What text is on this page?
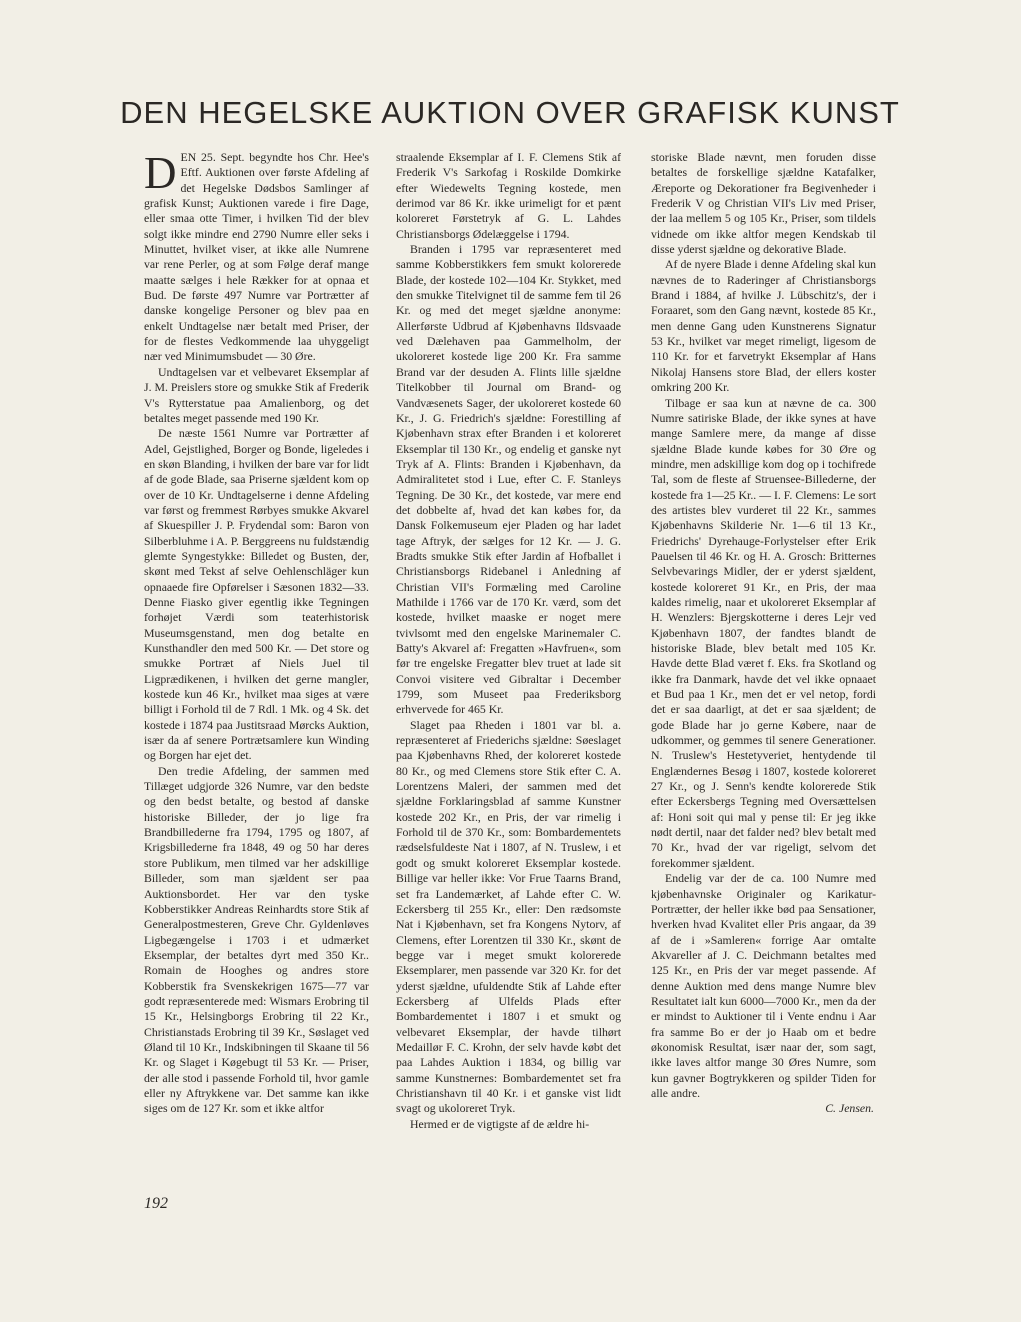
DEN HEGELSKE AUKTION OVER GRAFISK KUNST

DEN 25. Sept. begyndte hos Chr. Hee's Eftf. Auktionen over første Afdeling af det Hegelske Dødsbos Samlinger af grafisk Kunst; Auktionen varede i fire Dage, eller smaa otte Timer, i hvilken Tid der blev solgt ikke mindre end 2790 Numre eller seks i Minuttet, hvilket viser, at ikke alle Numrene var rene Perler, og at som Følge deraf mange maatte sælges i hele Rækker for at opnaa et Bud. De første 497 Numre var Portrætter af danske kongelige Personer og blev paa en enkelt Undtagelse nær betalt med Priser, der for de flestes Vedkommende laa uhyggeligt nær ved Minimumsbudet — 30 Øre.

Undtagelsen var et velbevaret Eksemplar af J. M. Preislers store og smukke Stik af Frederik V's Rytterstatue paa Amalienborg, og det betaltes meget passende med 190 Kr.

De næste 1561 Numre var Portrætter af Adel, Gejstlighed, Borger og Bonde, ligeledes i en skøn Blanding, i hvilken der bare var for lidt af de gode Blade, saa Priserne sjældent kom op over de 10 Kr. Undtagelserne i denne Afdeling var først og fremmest Rørbyes smukke Akvarel af Skuespiller J. P. Frydendal som: Baron von Silberbluhme i A. P. Berggreens nu fuldstændig glemte Syngestykke: Billedet og Busten, der, skønt med Tekst af selve Oehlenschläger kun opnaaede fire Opførelser i Sæsonen 1832—33. Denne Fiasko giver egentlig ikke Tegningen forhøjet Værdi som teaterhistorisk Museumsgenstand, men dog betalte en Kunsthandler den med 500 Kr. — Det store og smukke Portræt af Niels Juel til Ligprædikenen, i hvilken det gerne mangler, kostede kun 46 Kr., hvilket maa siges at være billigt i Forhold til de 7 Rdl. 1 Mk. og 4 Sk. det kostede i 1874 paa Justitsraad Mørcks Auktion, især da af senere Portrætsamlere kun Winding og Borgen har ejet det.

Den tredie Afdeling, der sammen med Tillæget udgjorde 326 Numre, var den bedste og den bedst betalte, og bestod af danske historiske Billeder, der jo lige fra Brandbillederne fra 1794, 1795 og 1807, af Krigsbillederne fra 1848, 49 og 50 har deres store Publikum, men tilmed var her adskillige Billeder, som man sjældent ser paa Auktionsbordet. Her var den tyske Kobberstikker Andreas Reinhardts store Stik af Generalpostmesteren, Greve Chr. Gyldenløves Ligbegængelse i 1703 i et udmærket Eksemplar, der betaltes dyrt med 350 Kr.. Romain de Hooghes og andres store Kobberstik fra Svenskekrigen 1675—77 var godt repræsenterede med: Wismars Erobring til 15 Kr., Helsingborgs Erobring til 22 Kr., Christianstads Erobring til 39 Kr., Søslaget ved Øland til 10 Kr., Indskibningen til Skaane til 56 Kr. og Slaget i Køgebugt til 53 Kr. — Priser, der alle stod i passende Forhold til, hvor gamle eller ny Aftrykkene var. Det samme kan ikke siges om de 127 Kr. som et ikke altfor

straalende Eksemplar af I. F. Clemens Stik af Frederik V's Sarkofag i Roskilde Domkirke efter Wiedewelts Tegning kostede, men derimod var 86 Kr. ikke urimeligt for et pænt koloreret Førstetryk af G. L. Lahdes Christiansborgs Ødelæggelse i 1794.

Branden i 1795 var repræsenteret med samme Kobberstikkers fem smukt kolorerede Blade, der kostede 102—104 Kr. Stykket, med den smukke Titelvignet til de samme fem til 26 Kr. og med det meget sjældne anonyme: Allerførste Udbrud af Kjøbenhavns Ildsvaade ved Dælehaven paa Gammelholm, der ukoloreret kostede lige 200 Kr. Fra samme Brand var der desuden A. Flints lille sjældne Titelkobber til Journal om Brand- og Vandvæsenets Sager, der ukoloreret kostede 60 Kr., J. G. Friedrich's sjældne: Forestilling af Kjøbenhavn strax efter Branden i et koloreret Eksemplar til 130 Kr., og endelig et ganske nyt Tryk af A. Flints: Branden i Kjøbenhavn, da Admiralitetet stod i Lue, efter C. F. Stanleys Tegning. De 30 Kr., det kostede, var mere end det dobbelte af, hvad det kan købes for, da Dansk Folkemuseum ejer Pladen og har ladet tage Aftryk, der sælges for 12 Kr. — J. G. Bradts smukke Stik efter Jardin af Hofballet i Christiansborgs Ridebanel i Anledning af Christian VII's Formæling med Caroline Mathilde i 1766 var de 170 Kr. værd, som det kostede, hvilket maaske er noget mere tvivlsomt med den engelske Marinemaler C. Batty's Akvarel af: Fregatten »Havfruen«, som før tre engelske Fregatter blev truet at lade sit Convoi visitere ved Gibraltar i December 1799, som Museet paa Frederiksborg erhvervede for 465 Kr.

Slaget paa Rheden i 1801 var bl. a. repræsenteret af Friederichs sjældne: Søeslaget paa Kjøbenhavns Rhed, der koloreret kostede 80 Kr., og med Clemens store Stik efter C. A. Lorentzens Maleri, der sammen med det sjældne Forklaringsblad af samme Kunstner kostede 202 Kr., en Pris, der var rimelig i Forhold til de 370 Kr., som: Bombardementets rædselsfuldeste Nat i 1807, af N. Truslew, i et godt og smukt koloreret Eksemplar kostede. Billige var heller ikke: Vor Frue Taarns Brand, set fra Landemærket, af Lahde efter C. W. Eckersberg til 255 Kr., eller: Den rædsomste Nat i Kjøbenhavn, set fra Kongens Nytorv, af Clemens, efter Lorentzen til 330 Kr., skønt de begge var i meget smukt kolorerede Eksemplarer, men passende var 320 Kr. for det yderst sjældne, ufuldendte Stik af Lahde efter Eckersberg af Ulfelds Plads efter Bombardementet i 1807 i et smukt og velbevaret Eksemplar, der havde tilhørt Medaillør F. C. Krohn, der selv havde købt det paa Lahdes Auktion i 1834, og billig var samme Kunstnernes: Bombardementet set fra Christianshavn til 40 Kr. i et ganske vist lidt svagt og ukoloreret Tryk.

Hermed er de vigtigste af de ældre hi-

storiske Blade nævnt, men foruden disse betaltes de forskellige sjældne Katafalker, Æreporte og Dekorationer fra Begivenheder i Frederik V og Christian VII's Liv med Priser, der laa mellem 5 og 105 Kr., Priser, som tildels vidnede om ikke altfor megen Kendskab til disse yderst sjældne og dekorative Blade.

Af de nyere Blade i denne Afdeling skal kun nævnes de to Raderinger af Christiansborgs Brand i 1884, af hvilke J. Lübschitz's, der i Foraaret, som den Gang nævnt, kostede 85 Kr., men denne Gang uden Kunstnerens Signatur 53 Kr., hvilket var meget rimeligt, ligesom de 110 Kr. for et farvetrykt Eksemplar af Hans Nikolaj Hansens store Blad, der ellers koster omkring 200 Kr.

Tilbage er saa kun at nævne de ca. 300 Numre satiriske Blade, der ikke synes at have mange Samlere mere, da mange af disse sjældne Blade kunde købes for 30 Øre og mindre, men adskillige kom dog op i tochifrede Tal, som de fleste af Struensee-Billederne, der kostede fra 1—25 Kr.. — I. F. Clemens: Le sort des artistes blev vurderet til 22 Kr., sammes Kjøbenhavns Skilderie Nr. 1—6 til 13 Kr., Friedrichs' Dyrehauge-Forlystelser efter Erik Pauelsen til 46 Kr. og H. A. Grosch: Britternes Selvbevarings Midler, der er yderst sjældent, kostede koloreret 91 Kr., en Pris, der maa kaldes rimelig, naar et ukoloreret Eksemplar af H. Wenzlers: Bjergskotterne i deres Lejr ved Kjøbenhavn 1807, der fandtes blandt de historiske Blade, blev betalt med 105 Kr. Havde dette Blad været f. Eks. fra Skotland og ikke fra Danmark, havde det vel ikke opnaaet et Bud paa 1 Kr., men det er vel netop, fordi det er saa daarligt, at det er saa sjældent; de gode Blade har jo gerne Købere, naar de udkommer, og gemmes til senere Generationer. N. Truslew's Hestetyveriet, hentydende til Englændernes Besøg i 1807, kostede koloreret 27 Kr., og J. Senn's kendte kolorerede Stik efter Eckersbergs Tegning med Oversættelsen af: Honi soit qui mal y pense til: Er jeg ikke nødt dertil, naar det falder ned? blev betalt med 70 Kr., hvad der var rigeligt, selvom det forekommer sjældent.

Endelig var der de ca. 100 Numre med kjøbenhavnske Originaler og Karikatur-Portrætter, der heller ikke bød paa Sensationer, hverken hvad Kvalitet eller Pris angaar, da 39 af de i »Samleren« forrige Aar omtalte Akvareller af J. C. Deichmann betaltes med 125 Kr., en Pris der var meget passende. Af denne Auktion med dens mange Numre blev Resultatet ialt kun 6000—7000 Kr., men da der er mindst to Auktioner til i Vente endnu i Aar fra samme Bo er der jo Haab om et bedre økonomisk Resultat, især naar der, som sagt, ikke laves altfor mange 30 Øres Numre, som kun gavner Bogtrykkeren og spilder Tiden for alle andre.

C. Jensen.

192
